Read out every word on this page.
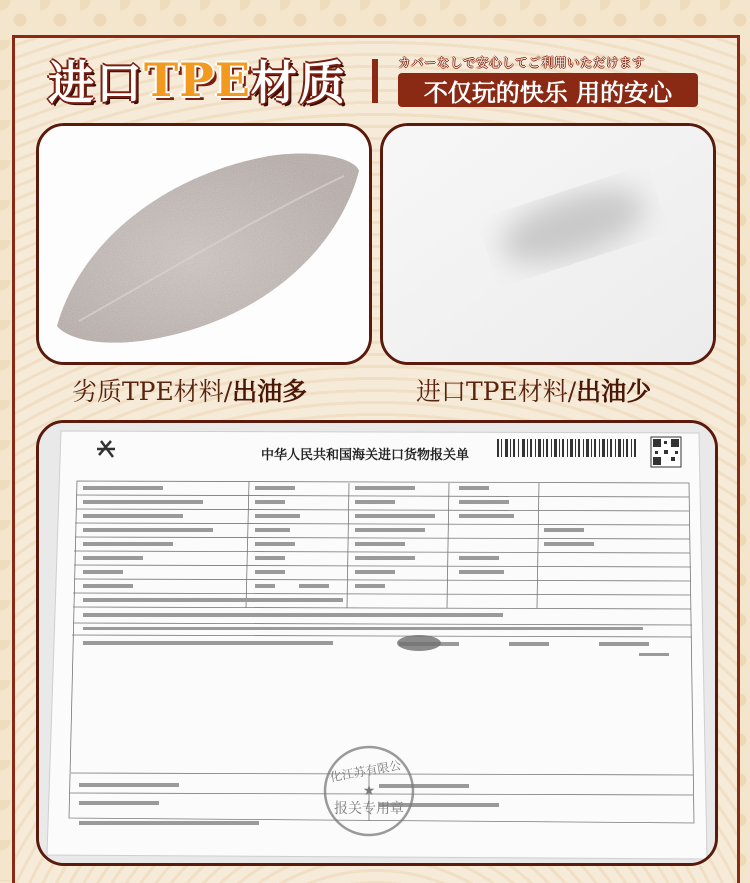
进口 TPE 材质	カバーなしで安心してご利用いただけます
不仅玩的快乐 用的安心
劣质TPE材料/出油多	进口TPE材料/出油少
中华人民共和国海关进口货物报关单
化江苏有限公
报关专用章
★
